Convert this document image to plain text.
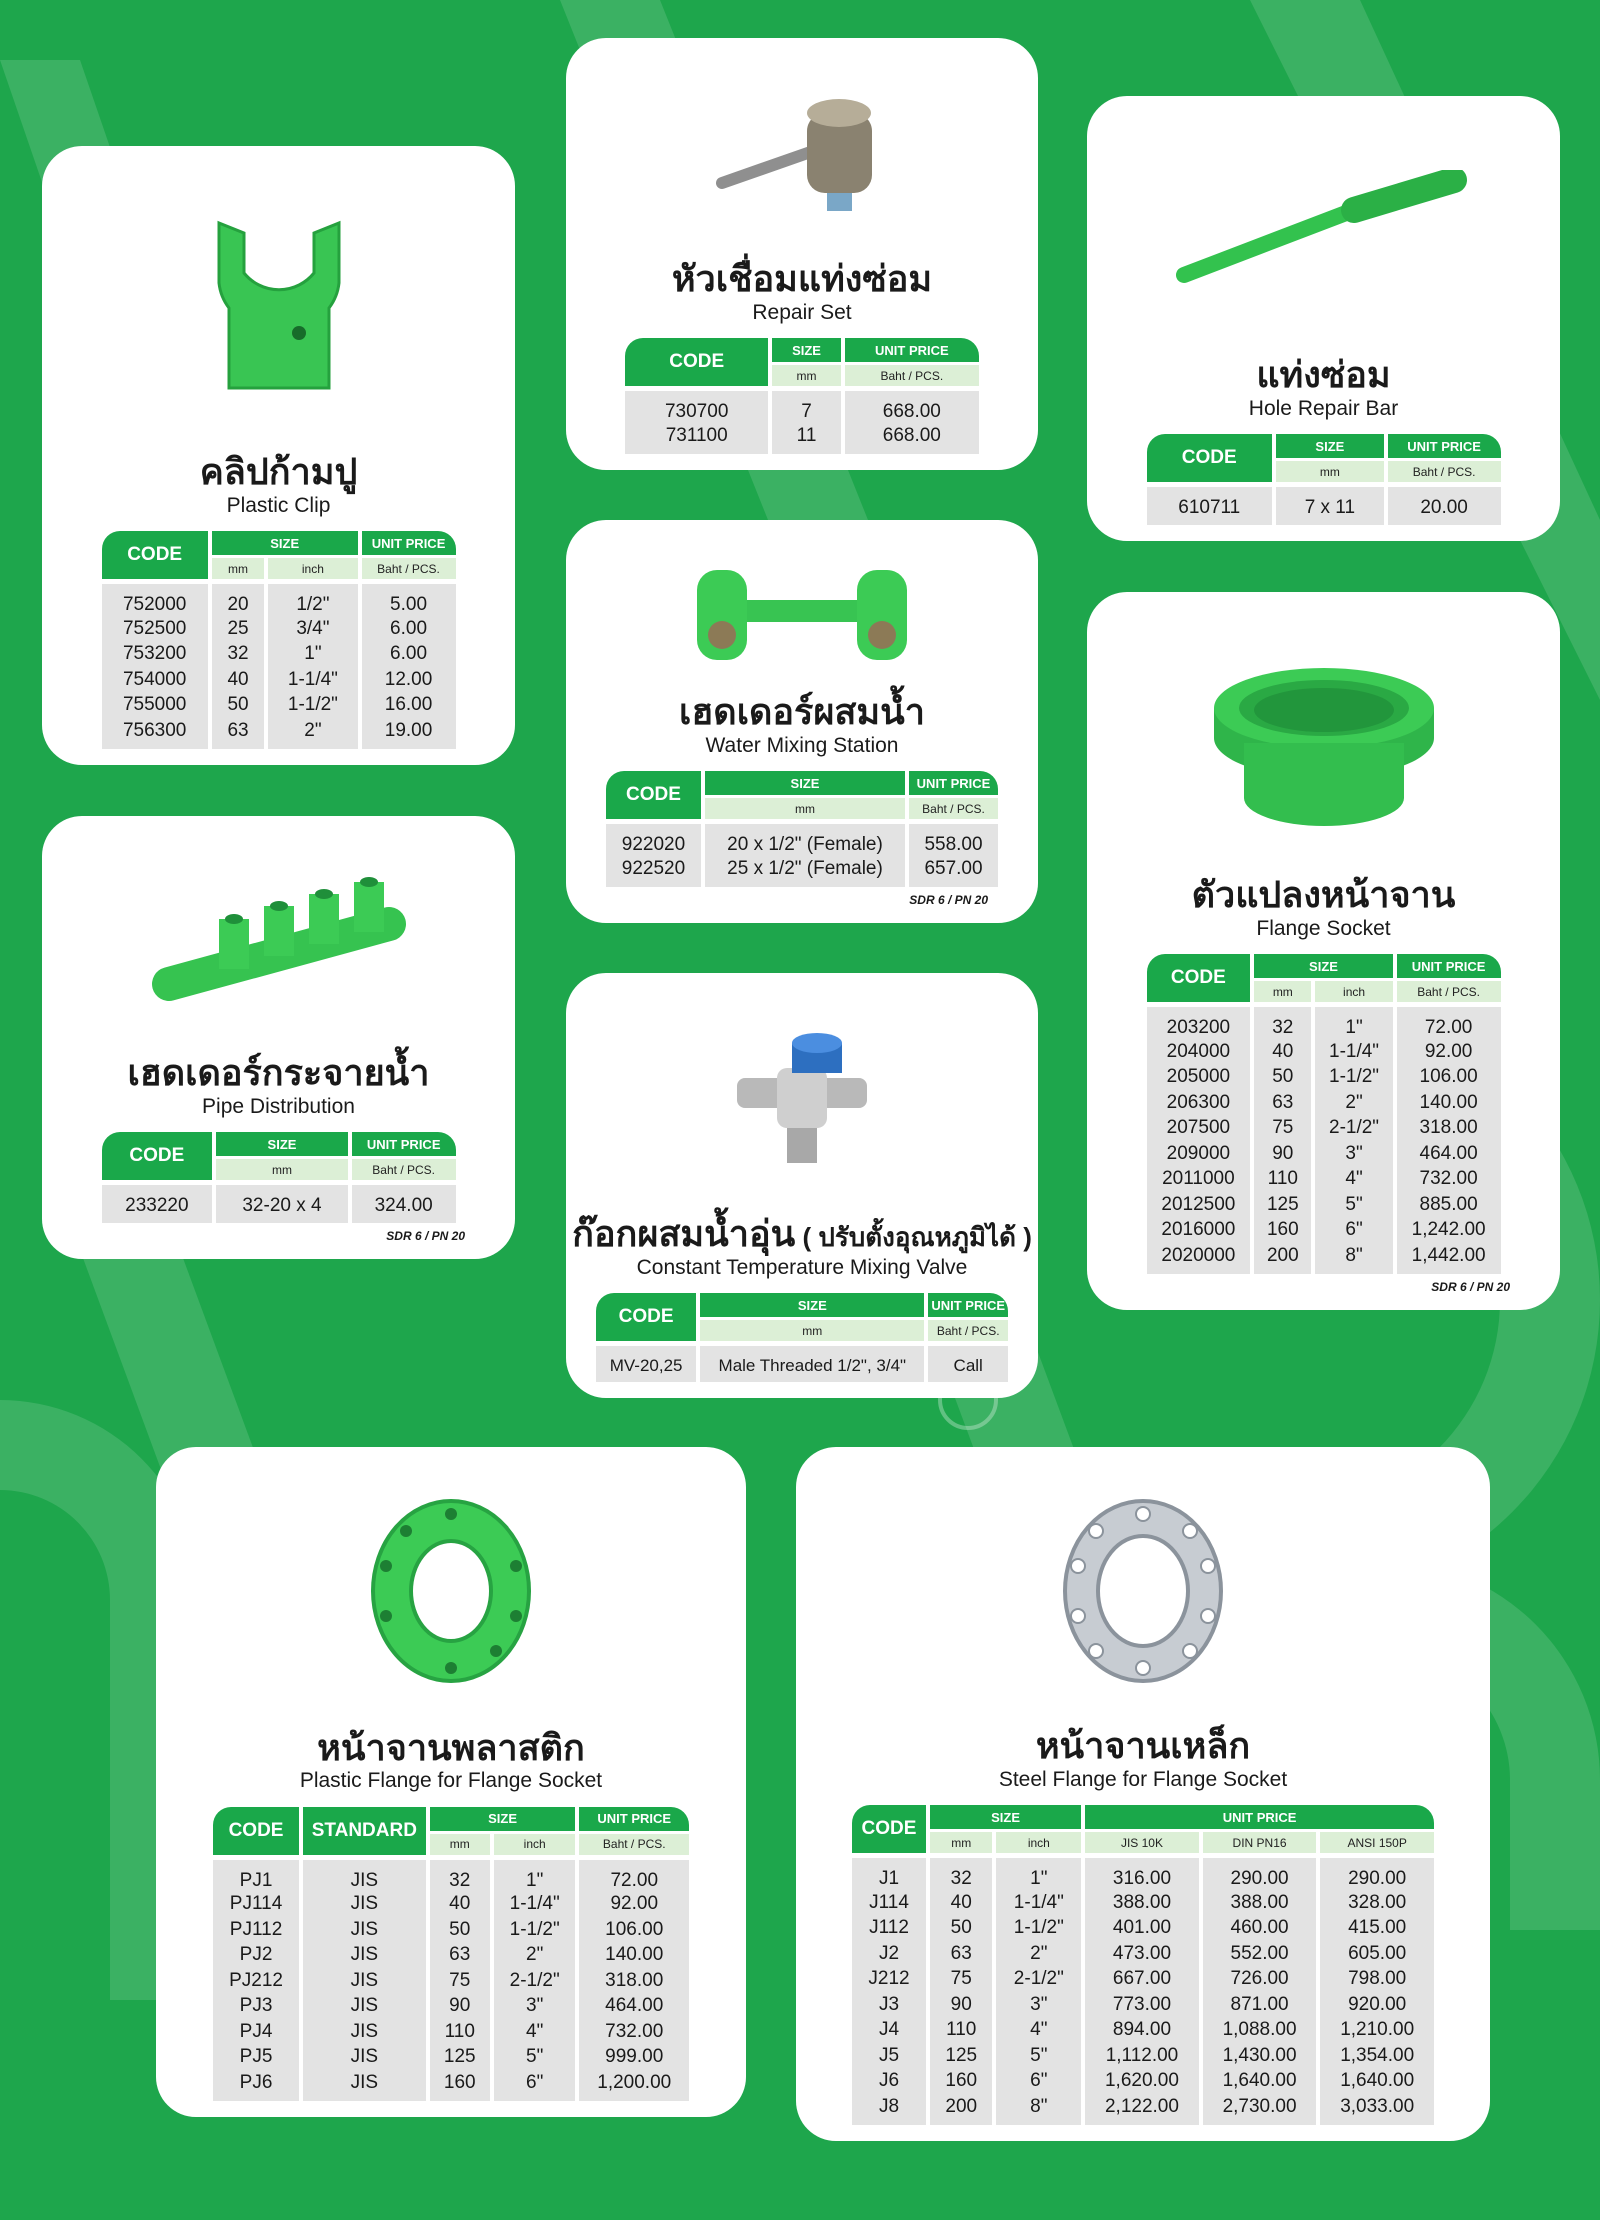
คลิปก้ามปู
Plastic Clip
CODE	SIZE		UNIT PRICE
	mm	inch	Baht / PCS.
752000	20	1/2"	5.00
752500	25	3/4"	6.00
753200	32	1"	6.00
754000	40	1-1/4"	12.00
755000	50	1-1/2"	16.00
756300	63	2"	19.00
หัวเชื่อมแท่งซ่อม
Repair Set
CODE	SIZE	UNIT PRICE
	mm	Baht / PCS.
730700	7	668.00
731100	11	668.00
แท่งซ่อม
Hole Repair Bar
CODE	SIZE	UNIT PRICE
	mm	Baht / PCS.
610711	7 x 11	20.00
เฮดเดอร์ผสมน้ำ
Water Mixing Station
CODE	SIZE	UNIT PRICE
	mm	Baht / PCS.
922020	20 x 1/2" (Female)	558.00
922520	25 x 1/2" (Female)	657.00
SDR 6 / PN 20
เฮดเดอร์กระจายน้ำ
Pipe Distribution
CODE	SIZE	UNIT PRICE
	mm	Baht / PCS.
233220	32-20 x 4	324.00
SDR 6 / PN 20	ก๊อกผสมน้ำอุ่น ( ปรับตั้งอุณหภูมิได้ )
Constant Temperature Mixing Valve
CODE	SIZE	UNIT PRICE
	mm	Baht / PCS.
MV-20,25	Male Threaded 1/2", 3/4"	Call
ตัวแปลงหน้าจาน
Flange Socket
CODE	SIZE		UNIT PRICE
	mm	inch	Baht / PCS.
203200	32	1"	72.00
204000	40	1-1/4"	92.00
205000	50	1-1/2"	106.00
206300	63	2"	140.00
207500	75	2-1/2"	318.00
209000	90	3"	464.00
2011000	110	4"	732.00
2012500	125	5"	885.00
2016000	160	6"	1,242.00
2020000	200	8"	1,442.00
SDR 6 / PN 20
หน้าจานพลาสติก
Plastic Flange for Flange Socket
CODE	STANDARD	SIZE		UNIT PRICE
		mm	inch	Baht / PCS.
PJ1	JIS	32	1"	72.00
PJ114	JIS	40	1-1/4"	92.00
PJ112	JIS	50	1-1/2"	106.00
PJ2	JIS	63	2"	140.00
PJ212	JIS	75	2-1/2"	318.00
PJ3	JIS	90	3"	464.00
PJ4	JIS	110	4"	732.00
PJ5	JIS	125	5"	999.00
PJ6	JIS	160	6"	1,200.00
หน้าจานเหล็ก
Steel Flange for Flange Socket
CODE	SIZE		UNIT PRICE		
	mm	inch	JIS 10K	DIN PN16	ANSI 150P
J1	32	1"	316.00	290.00	290.00
J114	40	1-1/4"	388.00	388.00	328.00
J112	50	1-1/2"	401.00	460.00	415.00
J2	63	2"	473.00	552.00	605.00
J212	75	2-1/2"	667.00	726.00	798.00
J3	90	3"	773.00	871.00	920.00
J4	110	4"	894.00	1,088.00	1,210.00
J5	125	5"	1,112.00	1,430.00	1,354.00
J6	160	6"	1,620.00	1,640.00	1,640.00
J8	200	8"	2,122.00	2,730.00	3,033.00
